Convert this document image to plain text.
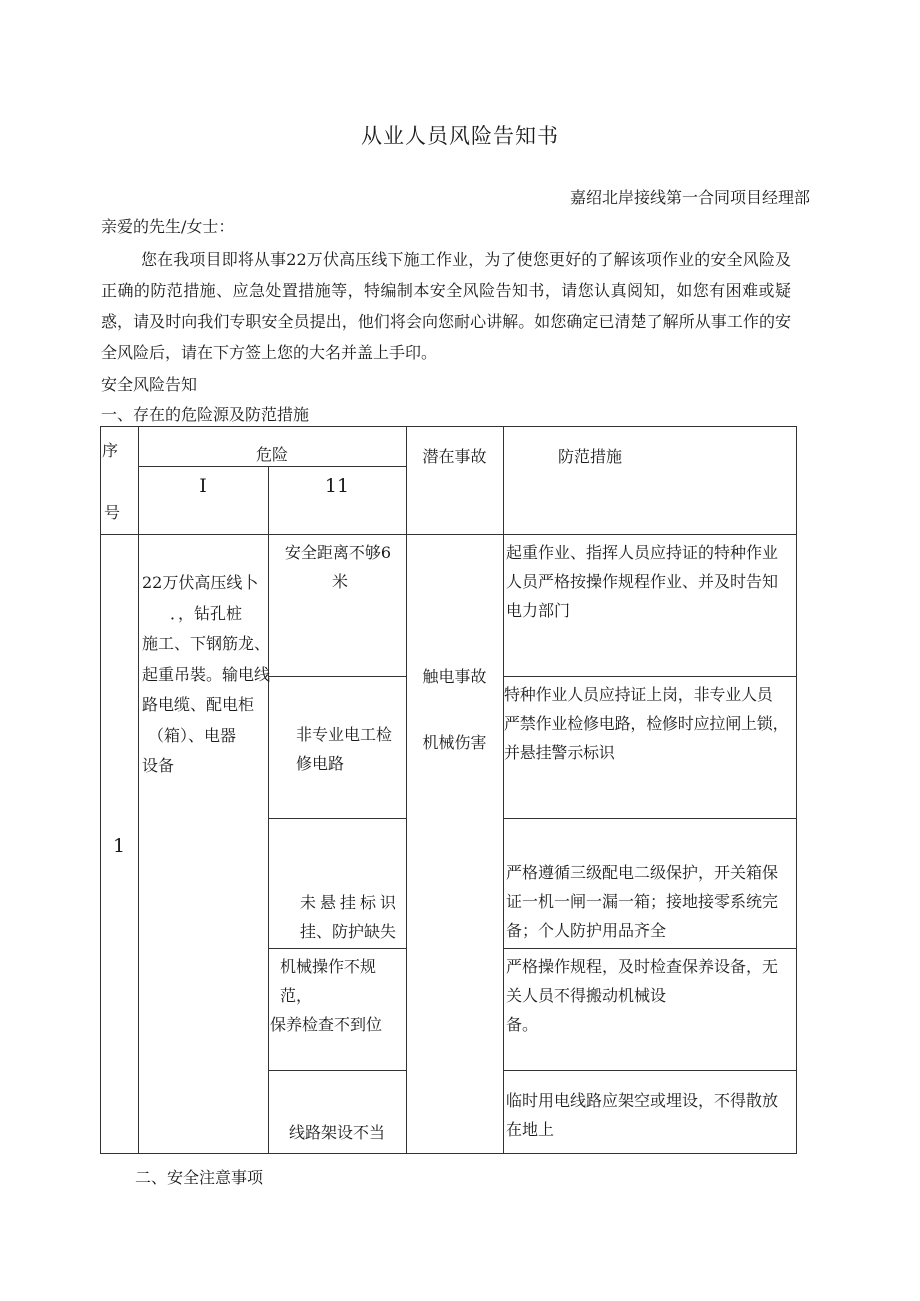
从业人员风险告知书
嘉绍北岸接线第一合同项目经理部
亲爱的先生/女士：
您在我项目即将从事22万伏高压线下施工作业，为了使您更好的了解该项作业的安全风险及正确的防范措施、应急处置措施等，特编制本安全风险告知书，请您认真阅知，如您有困难或疑惑，请及时向我们专职安全员提出，他们将会向您耐心讲解。如您确定已清楚了解所从事工作的安全风险后，请在下方签上您的大名并盖上手印。
安全风险告知
一、存在的危险源及防范措施
序
号
危险
I	11
潜在事故	防范措施
1
22万伏高压线卜
．，钻孔桩
施工、下钢筋龙、
起重吊裝。输电线
路电缆、配电柜
（箱）、电器
设备
触电事故
机械伤害
安全距离不够6
米
起重作业、指挥人员应持证的特种作业
人员严格按操作规程作业、并及时告知
电力部门
非专业电工检
修电路
特种作业人员应持证上岗，非专业人员
严禁作业检修电路，检修时应拉闸上锁，
并悬挂警示标识
未悬挂标识
挂、防护缺失
严格遵循三级配电二级保护，开关箱保
证一机一闸一漏一箱；接地接零系统完
备；个人防护用品齐全
机械操作不规范，
保养检查不到位
严格操作规程，及时检查保养设备，无
关人员不得搬动机械设
备。
线路架设不当
临时用电线路应架空或埋设，不得散放
在地上
二、安全注意事项
